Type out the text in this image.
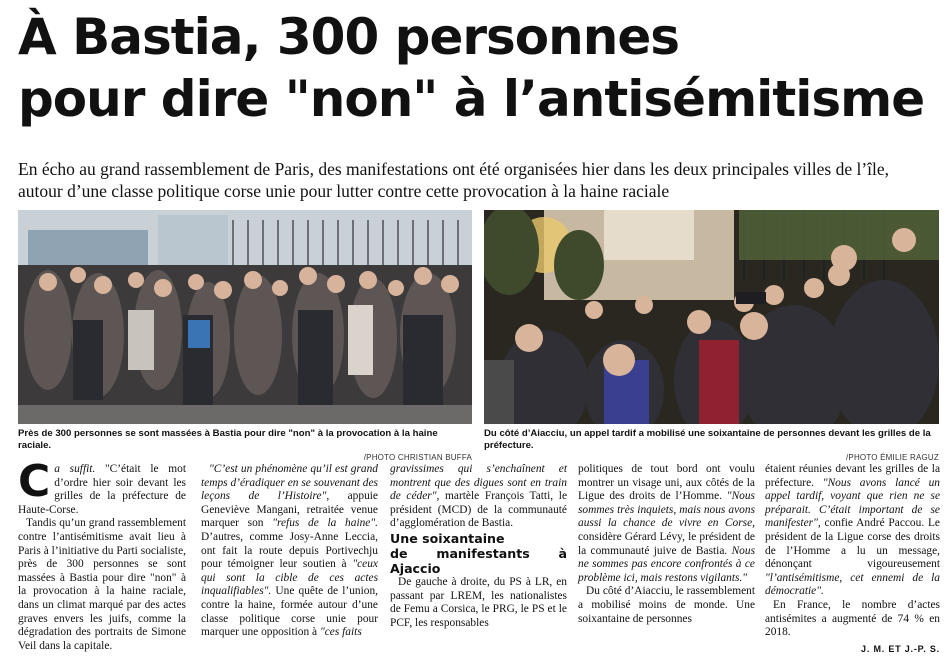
À Bastia, 300 personnes
pour dire "non" à l’antisémitisme

En écho au grand rassemblement de Paris, des manifestations ont été organisées hier dans les deux principales villes de l’île, autour d’une classe politique corse unie pour lutter contre cette provocation à la haine raciale

Près de 300 personnes se sont massées à Bastia pour dire "non" à la provocation à la haine raciale.
/PHOTO CHRISTIAN BUFFA
Du côté d’Aiacciu, un appel tardif a mobilisé une soixantaine de personnes devant les grilles de la préfecture.
/PHOTO ÉMILIE RAGUZ

Ca suffit. "C’était le mot d’ordre hier soir devant les grilles de la préfecture de Haute-Corse.

Tandis qu’un grand rassemblement contre l’antisémitisme avait lieu à Paris à l’initiative du Parti socialiste, près de 300 personnes se sont massées à Bastia pour dire "non" à la provocation à la haine raciale, dans un climat marqué par des actes graves envers les juifs, comme la dégradation des portraits de Simone Veil dans la capitale.

"C’est un phénomène qu’il est grand temps d’éradiquer en se souvenant des leçons de l’Histoire", appuie Geneviève Mangani, retraitée venue marquer son "refus de la haine". D’autres, comme Josy-Anne Leccia, ont fait la route depuis Portivechju pour témoigner leur soutien à "ceux qui sont la cible de ces actes inqualifiables". Une quête de l’union, contre la haine, formée autour d’une classe politique corse unie pour marquer une opposition à "ces faits

gravissimes qui s’enchaînent et montrent que des digues sont en train de céder", martèle François Tatti, le président (MCD) de la communauté d’agglomération de Bastia.

Une soixantaine
de manifestants à Ajaccio

De gauche à droite, du PS à LR, en passant par LREM, les nationalistes de Femu a Corsica, le PRG, le PS et le PCF, les responsables

politiques de tout bord ont voulu montrer un visage uni, aux côtés de la Ligue des droits de l’Homme. "Nous sommes très inquiets, mais nous avons aussi la chance de vivre en Corse, considère Gérard Lévy, le président de la communauté juive de Bastia. Nous ne sommes pas encore confrontés à ce problème ici, mais restons vigilants."

Du côté d’Aiacciu, le rassemblement a mobilisé moins de monde. Une soixantaine de personnes

étaient réunies devant les grilles de la préfecture. "Nous avons lancé un appel tardif, voyant que rien ne se préparait. C’était important de se manifester", confie André Paccou. Le président de la Ligue corse des droits de l’Homme a lu un message, dénonçant vigoureusement "l’antisémitisme, cet ennemi de la démocratie".

En France, le nombre d’actes antisémites a augmenté de 74 % en 2018.

J. M. ET J.-P. S.
